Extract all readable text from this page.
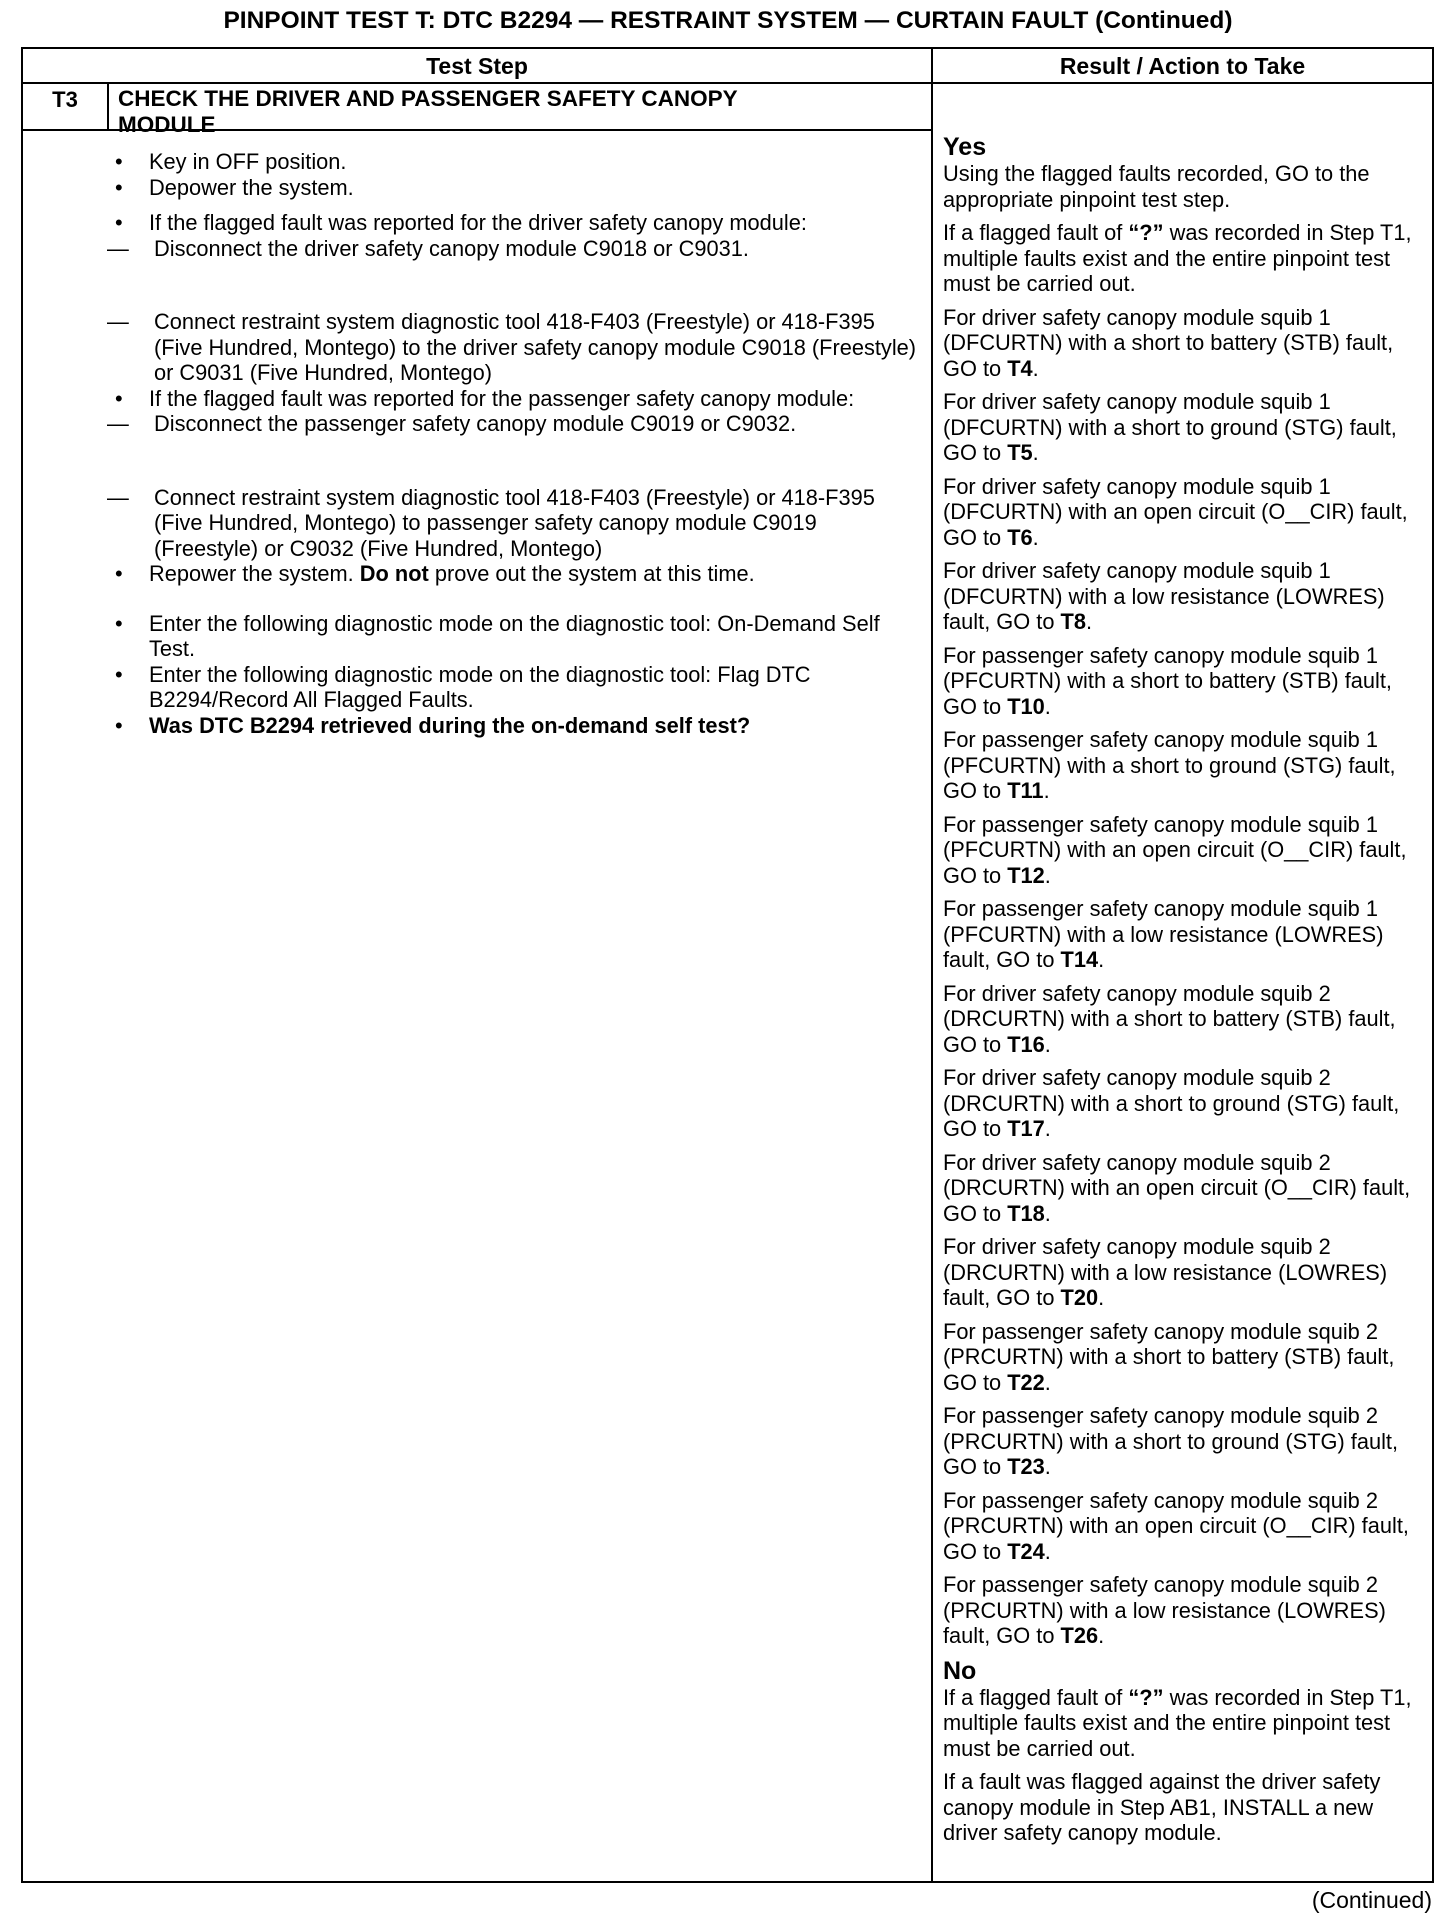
PINPOINT TEST T: DTC B2294 — RESTRAINT SYSTEM — CURTAIN FAULT (Continued)
Test Step	Result / Action to Take
T3	CHECK THE DRIVER AND PASSENGER SAFETY CANOPY MODULE
• Key in OFF position.
• Depower the system.
• If the flagged fault was reported for the driver safety canopy module:
— Disconnect the driver safety canopy module C9018 or C9031.
— Connect restraint system diagnostic tool 418-F403 (Freestyle) or 418-F395 (Five Hundred, Montego) to the driver safety canopy module C9018 (Freestyle) or C9031 (Five Hundred, Montego)
• If the flagged fault was reported for the passenger safety canopy module:
— Disconnect the passenger safety canopy module C9019 or C9032.
— Connect restraint system diagnostic tool 418-F403 (Freestyle) or 418-F395 (Five Hundred, Montego) to passenger safety canopy module C9019 (Freestyle) or C9032 (Five Hundred, Montego)
• Repower the system. Do not prove out the system at this time.
• Enter the following diagnostic mode on the diagnostic tool: On-Demand Self Test.
• Enter the following diagnostic mode on the diagnostic tool: Flag DTC B2294/Record All Flagged Faults.
• Was DTC B2294 retrieved during the on-demand self test?
Yes
Using the flagged faults recorded, GO to the appropriate pinpoint test step.
If a flagged fault of “?” was recorded in Step T1, multiple faults exist and the entire pinpoint test must be carried out.
For driver safety canopy module squib 1 (DFCURTN) with a short to battery (STB) fault, GO to T4.
For driver safety canopy module squib 1 (DFCURTN) with a short to ground (STG) fault, GO to T5.
For driver safety canopy module squib 1 (DFCURTN) with an open circuit (O__CIR) fault, GO to T6.
For driver safety canopy module squib 1 (DFCURTN) with a low resistance (LOWRES) fault, GO to T8.
For passenger safety canopy module squib 1 (PFCURTN) with a short to battery (STB) fault, GO to T10.
For passenger safety canopy module squib 1 (PFCURTN) with a short to ground (STG) fault, GO to T11.
For passenger safety canopy module squib 1 (PFCURTN) with an open circuit (O__CIR) fault, GO to T12.
For passenger safety canopy module squib 1 (PFCURTN) with a low resistance (LOWRES) fault, GO to T14.
For driver safety canopy module squib 2 (DRCURTN) with a short to battery (STB) fault, GO to T16.
For driver safety canopy module squib 2 (DRCURTN) with a short to ground (STG) fault, GO to T17.
For driver safety canopy module squib 2 (DRCURTN) with an open circuit (O__CIR) fault, GO to T18.
For driver safety canopy module squib 2 (DRCURTN) with a low resistance (LOWRES) fault, GO to T20.
For passenger safety canopy module squib 2 (PRCURTN) with a short to battery (STB) fault, GO to T22.
For passenger safety canopy module squib 2 (PRCURTN) with a short to ground (STG) fault, GO to T23.
For passenger safety canopy module squib 2 (PRCURTN) with an open circuit (O__CIR) fault, GO to T24.
For passenger safety canopy module squib 2 (PRCURTN) with a low resistance (LOWRES) fault, GO to T26.
No
If a flagged fault of “?” was recorded in Step T1, multiple faults exist and the entire pinpoint test must be carried out.
If a fault was flagged against the driver safety canopy module in Step AB1, INSTALL a new driver safety canopy module.
(Continued)
